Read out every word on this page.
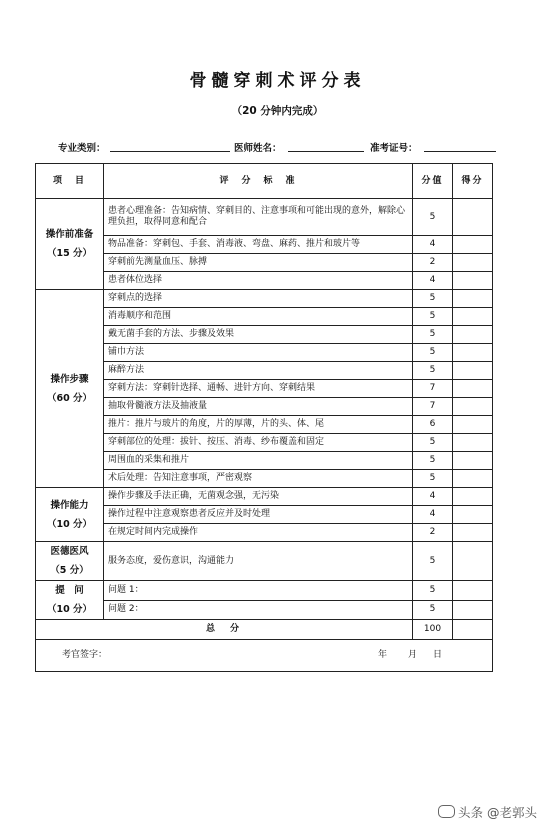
骨髓穿刺术评分表
（20 分钟内完成）
专业类别：	医师姓名：	准考证号：
项　目	评　分　标　准	分值	得分

操作前准备
（15 分）	患者心理准备：告知病情、穿刺目的、注意事项和可能出现的意外，解除心理负担，取得同意和配合	5	
	物品准备：穿刺包、手套、消毒液、弯盘、麻药、推片和玻片等	4	
	穿刺前先测量血压、脉搏	2	
	患者体位选择	4	

操作步骤
（60 分）	穿刺点的选择	5	
	消毒顺序和范围	5	
	戴无菌手套的方法、步骤及效果	5	
	铺巾方法	5	
	麻醉方法	5	
	穿刺方法：穿刺针选择、通畅、进针方向、穿刺结果	7	
	抽取骨髓液方法及抽液量	7	
	推片：推片与玻片的角度，片的厚薄，片的头、体、尾	6	
	穿刺部位的处理：拔针、按压、消毒、纱布覆盖和固定	5	
	周围血的采集和推片	5	
	术后处理：告知注意事项，严密观察	5	

操作能力
（10 分）	操作步骤及手法正确，无菌观念强，无污染	4	
	操作过程中注意观察患者反应并及时处理	4	
	在规定时间内完成操作	2	

医德医风
（5 分）	服务态度，爱伤意识，沟通能力	5	

提　问
（10 分）	问题 1：	5	
	问题 2：	5	
总　分		100	

考官签字： 年 月 日			
头条 @老郭头
